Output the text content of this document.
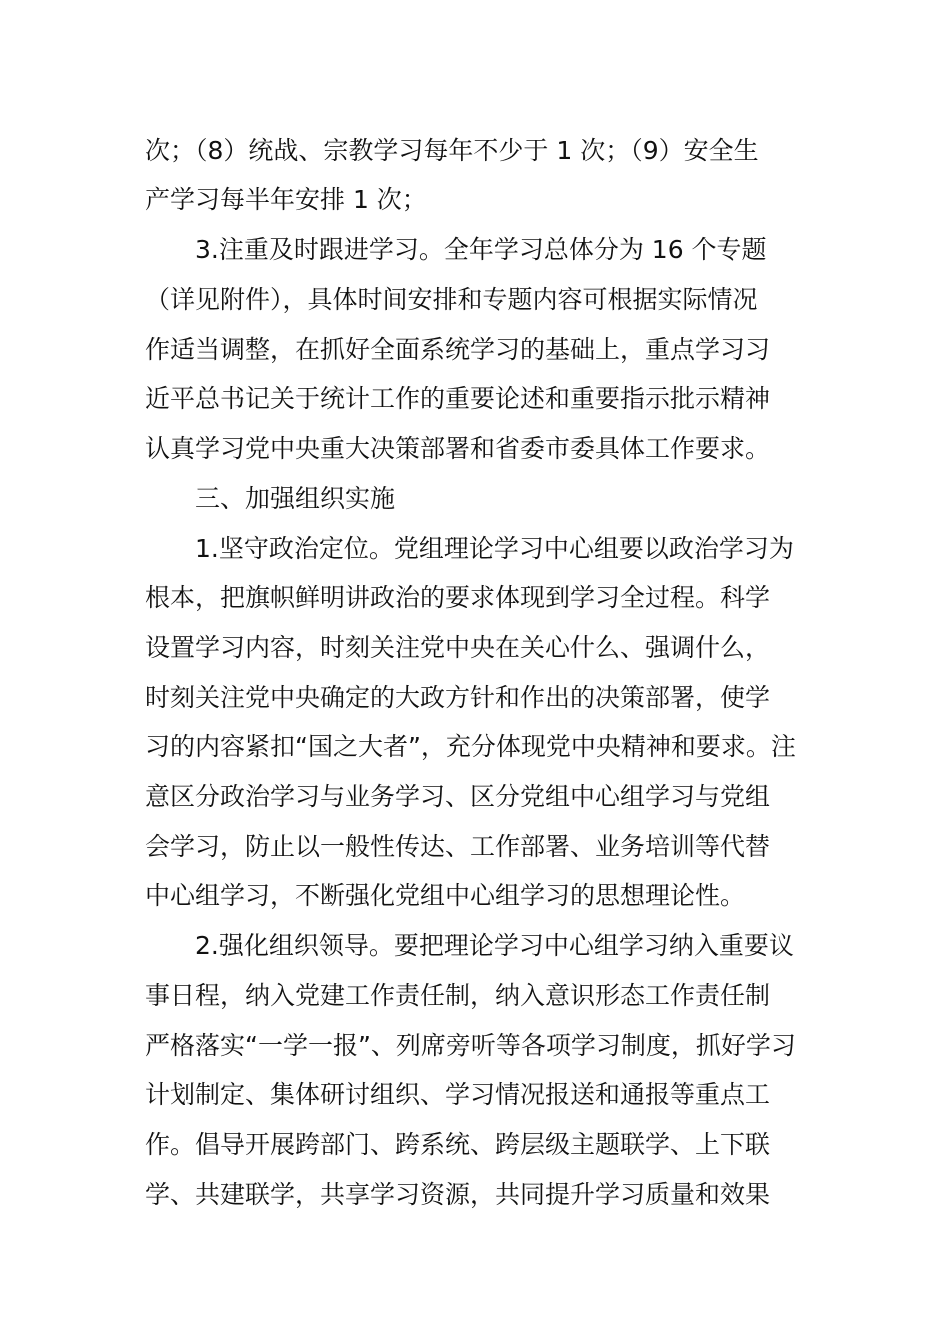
次；（8）统战、宗教学习每年不少于 1 次；（9）安全生
产学习每半年安排 1 次；
3.注重及时跟进学习。全年学习总体分为 16 个专题
（详见附件），具体时间安排和专题内容可根据实际情况
作适当调整，在抓好全面系统学习的基础上，重点学习习
近平总书记关于统计工作的重要论述和重要指示批示精神
认真学习党中央重大决策部署和省委市委具体工作要求。
三、加强组织实施
1.坚守政治定位。党组理论学习中心组要以政治学习为
根本，把旗帜鲜明讲政治的要求体现到学习全过程。科学
设置学习内容，时刻关注党中央在关心什么、强调什么，
时刻关注党中央确定的大政方针和作出的决策部署，使学
习的内容紧扣“国之大者”，充分体现党中央精神和要求。注
意区分政治学习与业务学习、区分党组中心组学习与党组
会学习，防止以一般性传达、工作部署、业务培训等代替
中心组学习，不断强化党组中心组学习的思想理论性。
2.强化组织领导。要把理论学习中心组学习纳入重要议
事日程，纳入党建工作责任制，纳入意识形态工作责任制
严格落实“一学一报”、列席旁听等各项学习制度，抓好学习
计划制定、集体研讨组织、学习情况报送和通报等重点工
作。倡导开展跨部门、跨系统、跨层级主题联学、上下联
学、共建联学，共享学习资源，共同提升学习质量和效果
